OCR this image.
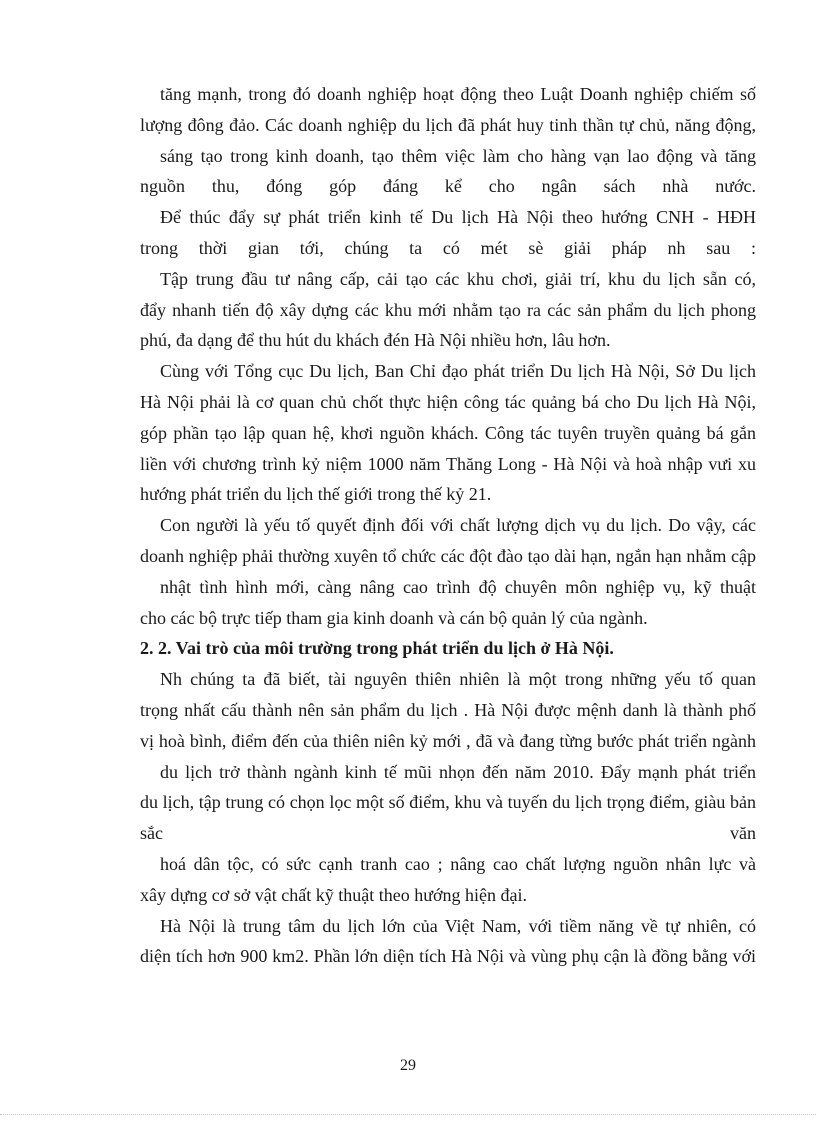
tăng mạnh, trong đó doanh nghiệp hoạt động theo Luật Doanh nghiệp chiếm số
lượng đông đảo. Các doanh nghiệp du lịch đã phát huy tinh thần tự chủ, năng động,
sáng tạo trong kinh doanh, tạo thêm việc làm cho hàng vạn lao động và tăng
nguồn thu, đóng góp đáng kể cho ngân sách nhà nước.
Để thúc đẩy sự phát triển kinh tế Du lịch Hà Nội theo hướng CNH - HĐH
trong thời gian tới, chúng ta có mét sè giải pháp nh sau :
Tập trung đầu tư nâng cấp, cải tạo các khu chơi, giải trí, khu du lịch sẵn có,
đẩy nhanh tiến độ xây dựng các khu mới nhằm tạo ra các sản phẩm du lịch phong
phú, đa dạng để thu hút du khách đén Hà Nội nhiều hơn, lâu hơn.
Cùng với Tổng cục Du lịch, Ban Chỉ đạo phát triển Du lịch Hà Nội, Sở Du lịch
Hà Nội phải là cơ quan chủ chốt thực hiện công tác quảng bá cho Du lịch Hà Nội,
góp phần tạo lập quan hệ, khơi nguồn khách. Công tác tuyên truyền quảng bá gắn
liền với chương trình kỷ niệm 1000 năm Thăng Long - Hà Nội và hoà nhập vưi xu
hướng phát triển du lịch thế giới trong thế kỷ 21.
Con người là yếu tố quyết định đối với chất lượng dịch vụ du lịch. Do vậy, các
doanh nghiệp phải thường xuyên tổ chức các đột đào tạo dài hạn, ngắn hạn nhằm cập
nhật tình hình mới, càng nâng cao trình độ chuyên môn nghiệp vụ, kỹ thuật
cho các bộ trực tiếp tham gia kinh doanh và cán bộ quản lý của ngành.
2. 2. Vai trò của môi trường trong phát triển du lịch ở Hà Nội.
Nh chúng ta đã biết, tài nguyên thiên nhiên là một trong những yếu tố quan
trọng nhất cấu thành nên sản phẩm du lịch . Hà Nội được mệnh danh là thành phố
vị hoà bình, điểm đến của thiên niên kỷ mới , đã và đang từng bước phát triển ngành
du lịch trở thành ngành kinh tế mũi nhọn đến năm 2010. Đẩy mạnh phát triển
du lịch, tập trung có chọn lọc một số điểm, khu và tuyến du lịch trọng điểm, giàu bản
sắc văn
hoá dân tộc, có sức cạnh tranh cao ; nâng cao chất lượng nguồn nhân lực và
xây dựng cơ sở vật chất kỹ thuật theo hướng hiện đại.
Hà Nội là trung tâm du lịch lớn của Việt Nam, với tiềm năng về tự nhiên, có
diện tích hơn 900 km2. Phần lớn diện tích Hà Nội và vùng phụ cận là đồng bằng với
29
